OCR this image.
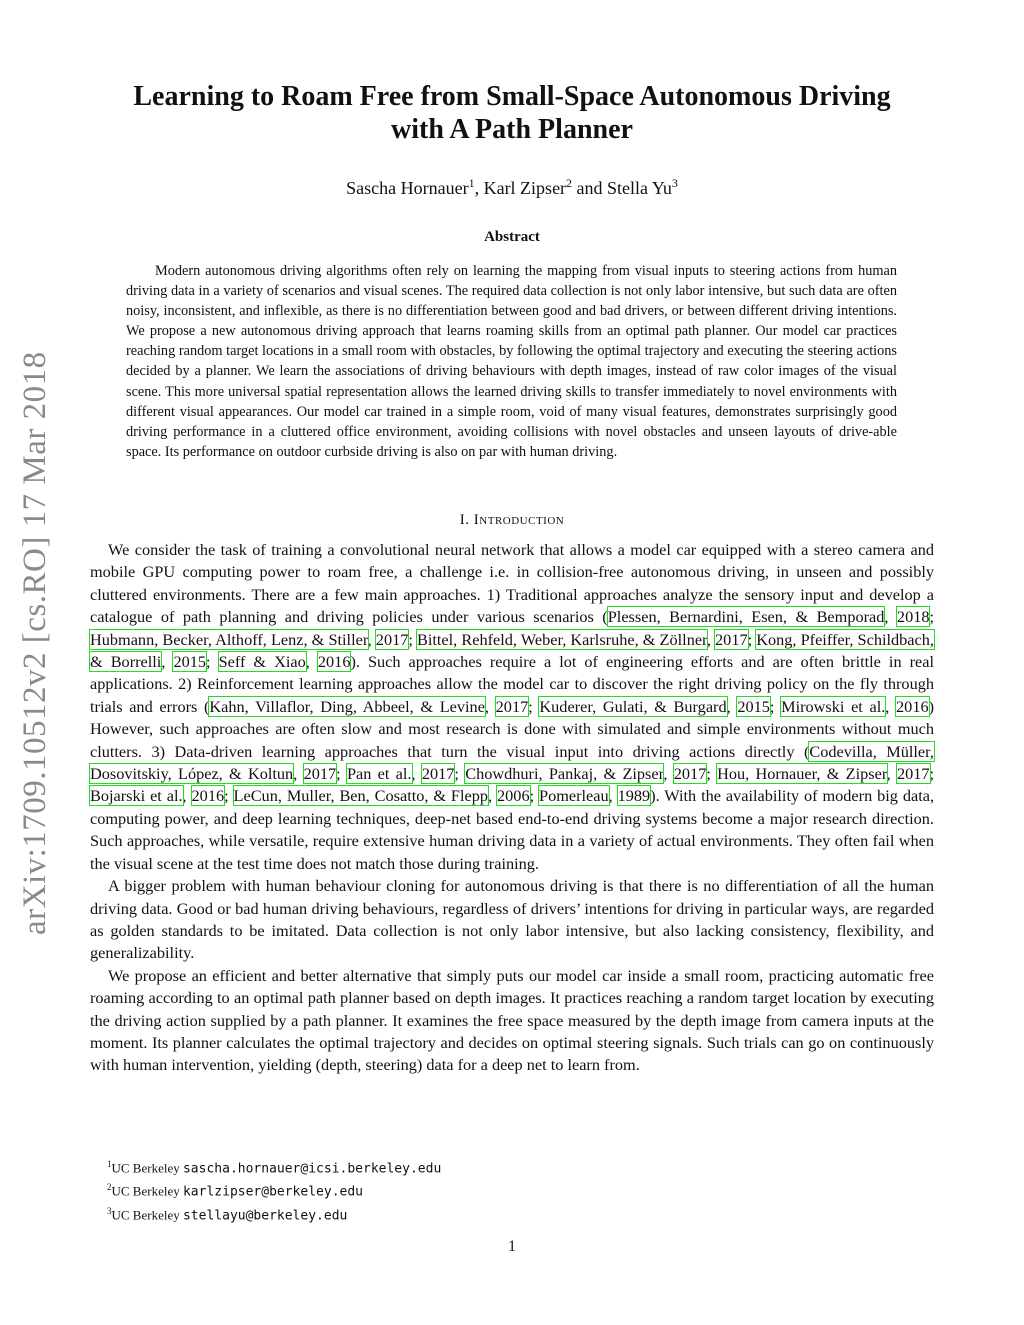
arXiv:1709.10512v2 [cs.RO] 17 Mar 2018
Learning to Roam Free from Small-Space Autonomous Driving
with A Path Planner
Sascha Hornauer$^1$, Karl Zipser$^2$ and Stella Yu$^3$
Abstract

Modern autonomous driving algorithms often rely on learning the mapping from visual inputs to steering actions from human driving data in a variety of scenarios and visual scenes. The required data collection is not only labor intensive, but such data are often noisy, inconsistent, and inflexible, as there is no differentiation between good and bad drivers, or between different driving intentions. We propose a new autonomous driving approach that learns roaming skills from an optimal path planner. Our model car practices reaching random target locations in a small room with obstacles, by following the optimal trajectory and executing the steering actions decided by a planner. We learn the associations of driving behaviours with depth images, instead of raw color images of the visual scene. This more universal spatial representation allows the learned driving skills to transfer immediately to novel environments with different visual appearances. Our model car trained in a simple room, void of many visual features, demonstrates surprisingly good driving performance in a cluttered office environment, avoiding collisions with novel obstacles and unseen layouts of drive-able space. Its performance on outdoor curbside driving is also on par with human driving.

I. Introduction

We consider the task of training a convolutional neural network that allows a model car equipped with a stereo camera and mobile GPU computing power to roam free, a challenge i.e. in collision-free autonomous driving, in unseen and possibly cluttered environments. There are a few main approaches. 1) Traditional approaches analyze the sensory input and develop a catalogue of path planning and driving policies under various scenarios (Plessen, Bernardini, Esen, & Bemporad, 2018; Hubmann, Becker, Althoff, Lenz, & Stiller, 2017; Bittel, Rehfeld, Weber, Karlsruhe, & Zöllner, 2017; Kong, Pfeiffer, Schildbach, & Borrelli, 2015; Seff & Xiao, 2016). Such approaches require a lot of engineering efforts and are often brittle in real applications. 2) Reinforcement learning approaches allow the model car to discover the right driving policy on the fly through trials and errors (Kahn, Villaflor, Ding, Abbeel, & Levine, 2017; Kuderer, Gulati, & Burgard, 2015; Mirowski et al., 2016) However, such approaches are often slow and most research is done with simulated and simple environments without much clutters. 3) Data-driven learning approaches that turn the visual input into driving actions directly (Codevilla, Müller, Dosovitskiy, López, & Koltun, 2017; Pan et al., 2017; Chowdhuri, Pankaj, & Zipser, 2017; Hou, Hornauer, & Zipser, 2017; Bojarski et al., 2016; LeCun, Muller, Ben, Cosatto, & Flepp, 2006; Pomerleau, 1989). With the availability of modern big data, computing power, and deep learning techniques, deep-net based end-to-end driving systems become a major research direction. Such approaches, while versatile, require extensive human driving data in a variety of actual environments. They often fail when the visual scene at the test time does not match those during training.

A bigger problem with human behaviour cloning for autonomous driving is that there is no differentiation of all the human driving data. Good or bad human driving behaviours, regardless of drivers’ intentions for driving in particular ways, are regarded as golden standards to be imitated. Data collection is not only labor intensive, but also lacking consistency, flexibility, and generalizability.

We propose an efficient and better alternative that simply puts our model car inside a small room, practicing automatic free roaming according to an optimal path planner based on depth images. It practices reaching a random target location by executing the driving action supplied by a path planner. It examines the free space measured by the depth image from camera inputs at the moment. Its planner calculates the optimal trajectory and decides on optimal steering signals. Such trials can go on continuously with human intervention, yielding (depth, steering) data for a deep net to learn from.

$^1$UC Berkeley sascha.hornauer@icsi.berkeley.edu
$^2$UC Berkeley karlzipser@berkeley.edu
$^3$UC Berkeley stellayu@berkeley.edu
1
